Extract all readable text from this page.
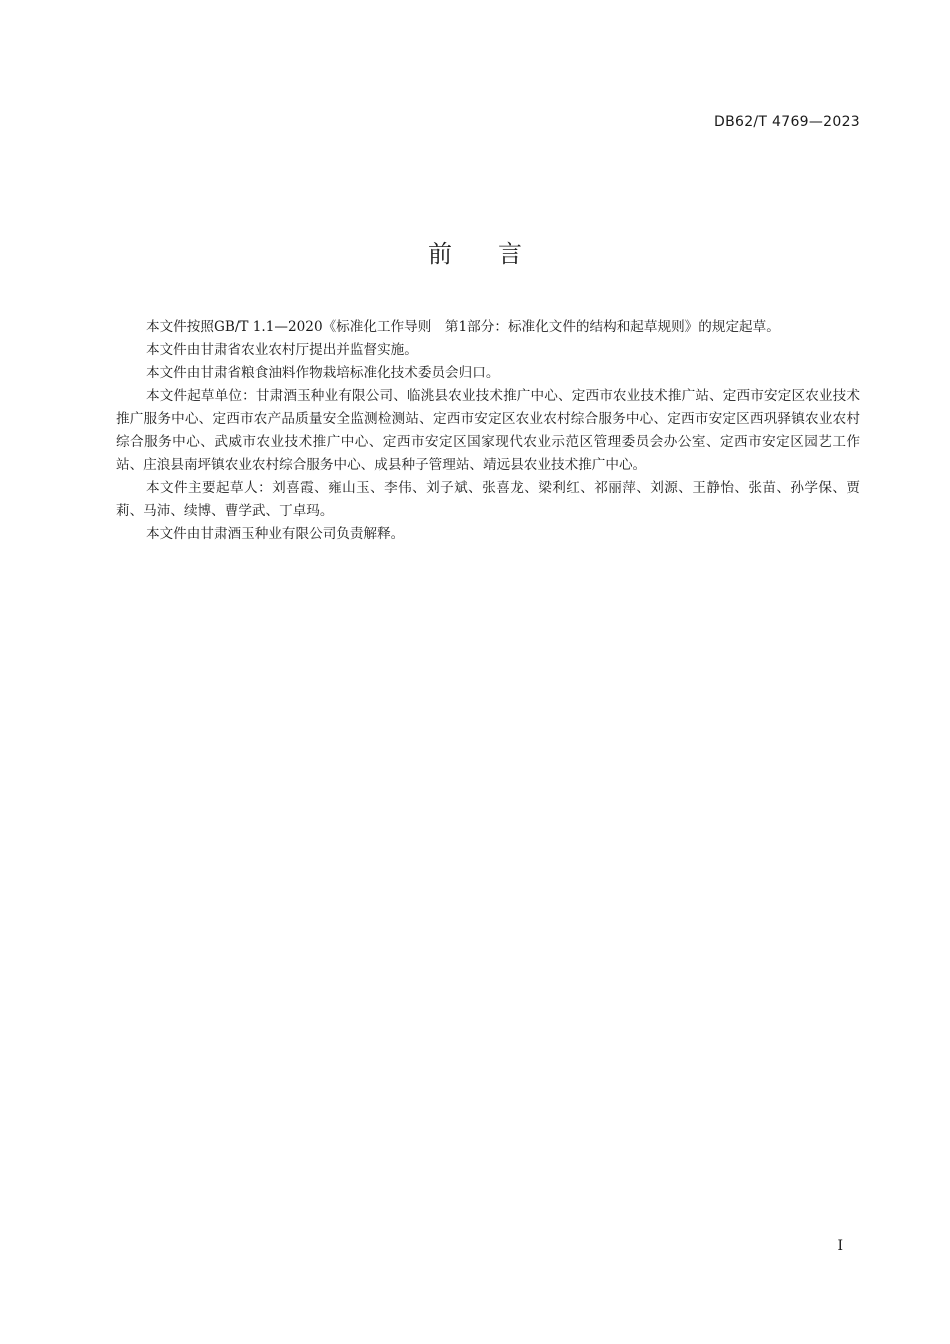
DB62/T 4769—2023
前言

本文件按照GB/T 1.1—2020《标准化工作导则　第1部分：标准化文件的结构和起草规则》的规定起草。

本文件由甘肃省农业农村厅提出并监督实施。

本文件由甘肃省粮食油料作物栽培标准化技术委员会归口。

本文件起草单位：甘肃酒玉种业有限公司、临洮县农业技术推广中心、定西市农业技术推广站、定西市安定区农业技术推广服务中心、定西市农产品质量安全监测检测站、定西市安定区农业农村综合服务中心、定西市安定区西巩驿镇农业农村综合服务中心、武威市农业技术推广中心、定西市安定区国家现代农业示范区管理委员会办公室、定西市安定区园艺工作站、庄浪县南坪镇农业农村综合服务中心、成县种子管理站、靖远县农业技术推广中心。

本文件主要起草人：刘喜霞、雍山玉、李伟、刘子斌、张喜龙、梁利红、祁丽萍、刘源、王静怡、张苗、孙学保、贾莉、马沛、续博、曹学武、丁卓玛。

本文件由甘肃酒玉种业有限公司负责解释。

I
